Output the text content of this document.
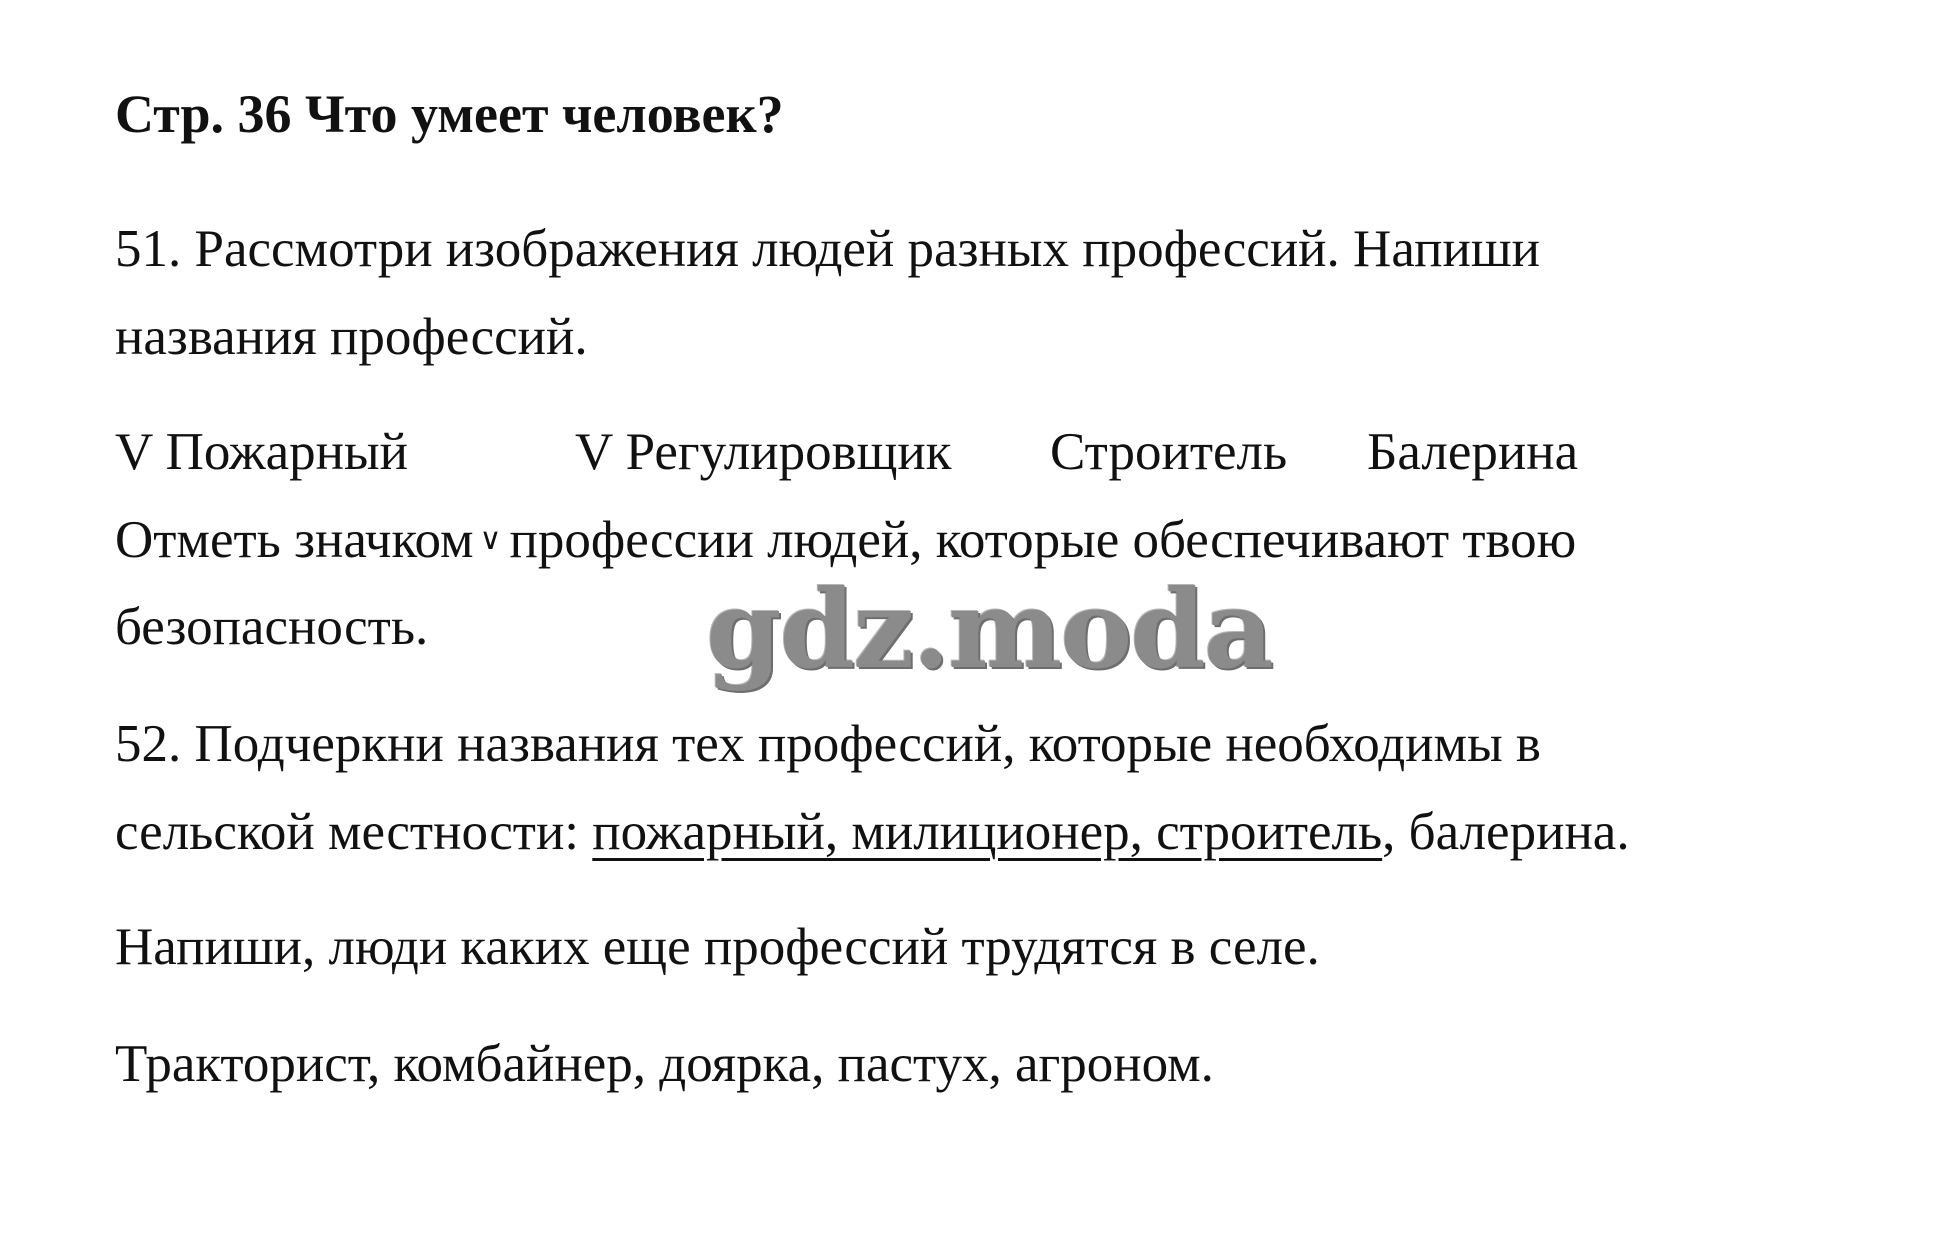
Стр. 36 Что умеет человек?
51. Рассмотри изображения людей разных профессий. Напиши
названия профессий.
V Пожарный	V Регулировщик Строитель Балерина
Отметь значком ∨ профессии людей, которые обеспечивают твою
безопасность.	gdz.moda
52. Подчеркни названия тех профессий, которые необходимы в
сельской местности: пожарный, милиционер, строитель, балерина.
Напиши, люди каких еще профессий трудятся в селе.
Тракторист, комбайнер, доярка, пастух, агроном.
